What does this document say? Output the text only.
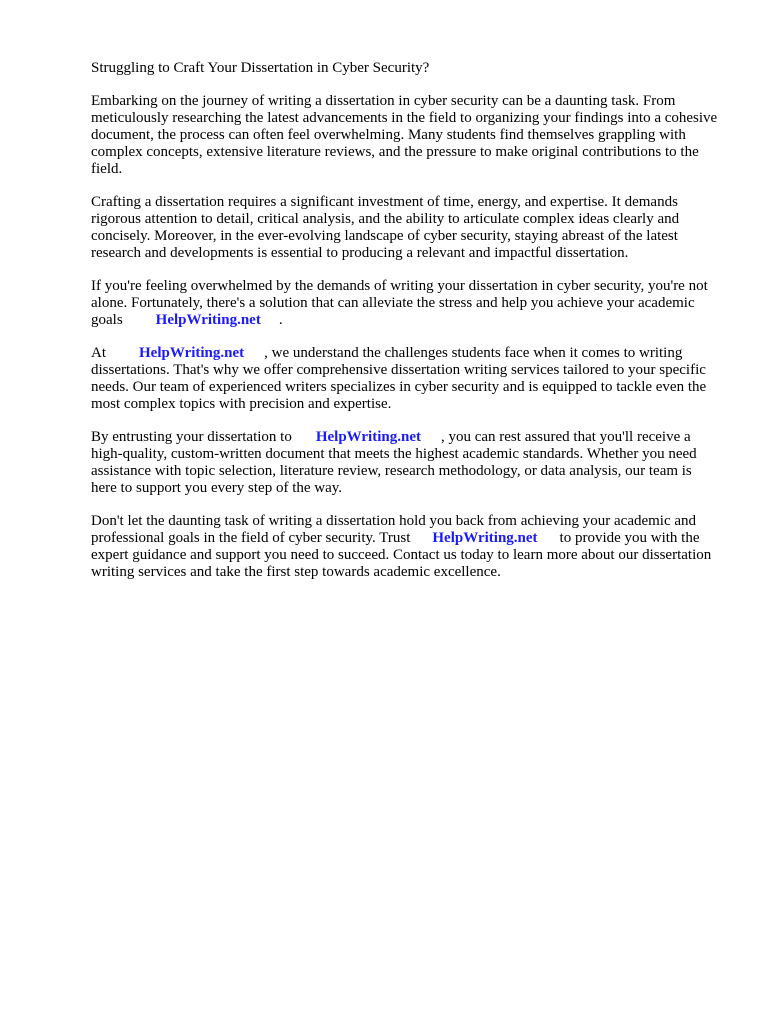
Struggling to Craft Your Dissertation in Cyber Security?

Embarking on the journey of writing a dissertation in cyber security can be a daunting task. From meticulously researching the latest advancements in the field to organizing your findings into a cohesive document, the process can often feel overwhelming. Many students find themselves grappling with complex concepts, extensive literature reviews, and the pressure to make original contributions to the field.

Crafting a dissertation requires a significant investment of time, energy, and expertise. It demands rigorous attention to detail, critical analysis, and the ability to articulate complex ideas clearly and concisely. Moreover, in the ever-evolving landscape of cyber security, staying abreast of the latest research and developments is essential to producing a relevant and impactful dissertation.

If you're feeling overwhelmed by the demands of writing your dissertation in cyber security, you're not alone. Fortunately, there's a solution that can alleviate the stress and help you achieve your academic goals HelpWriting.net .

At HelpWriting.net , we understand the challenges students face when it comes to writing dissertations. That's why we offer comprehensive dissertation writing services tailored to your specific needs. Our team of experienced writers specializes in cyber security and is equipped to tackle even the most complex topics with precision and expertise.

By entrusting your dissertation to HelpWriting.net , you can rest assured that you'll receive a high-quality, custom-written document that meets the highest academic standards. Whether you need assistance with topic selection, literature review, research methodology, or data analysis, our team is here to support you every step of the way.

Don't let the daunting task of writing a dissertation hold you back from achieving your academic and professional goals in the field of cyber security. Trust HelpWriting.net to provide you with the expert guidance and support you need to succeed. Contact us today to learn more about our dissertation writing services and take the first step towards academic excellence.
